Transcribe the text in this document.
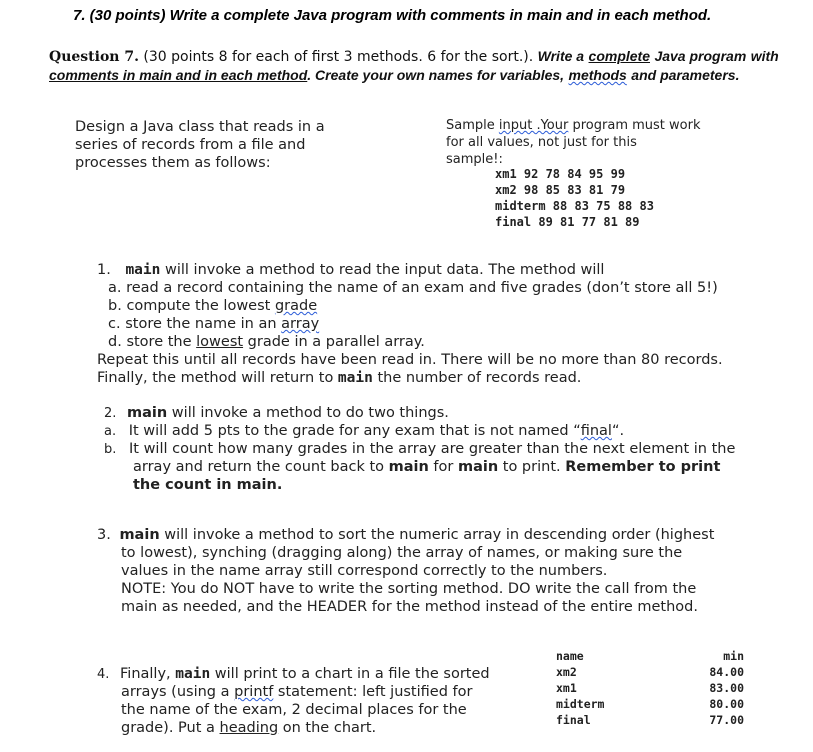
7. (30 points) Write a complete Java program with comments in main and in each method.
Question 7. (30 points 8 for each of first 3 methods. 6 for the sort.). Write a complete Java program with comments in main and in each method. Create your own names for variables, methods and parameters.
Design a Java class that reads in a
series of records from a file and
processes them as follows:
Sample input .Your program must work
for all values, not just for this
sample!:
xm1 92 78 84 95 99
xm2 98 85 83 81 79
midterm 88 83 75 88 83
final 89 81 77 81 89
1. main will invoke a method to read the input data. The method will
a. read a record containing the name of an exam and five grades (don’t store all 5!)
b. compute the lowest grade
c. store the name in an array
d. store the lowest grade in a parallel array.
Repeat this until all records have been read in. There will be no more than 80 records.
Finally, the method will return to main the number of records read.
2. main will invoke a method to do two things.
a. It will add 5 pts to the grade for any exam that is not named “final“.
b. It will count how many grades in the array are greater than the next element in the
array and return the count back to main for main to print. Remember to print
the count in main.
3. main will invoke a method to sort the numeric array in descending order (highest
to lowest), synching (dragging along) the array of names, or making sure the
values in the name array still correspond correctly to the numbers.
NOTE: You do NOT have to write the sorting method. DO write the call from the
main as needed, and the HEADER for the method instead of the entire method.
4. Finally, main will print to a chart in a file the sorted
arrays (using a printf statement: left justified for
the name of the exam, 2 decimal places for the
grade). Put a heading on the chart.
name
xm2
xm1
midterm
final
min
84.00
83.00
80.00
77.00
